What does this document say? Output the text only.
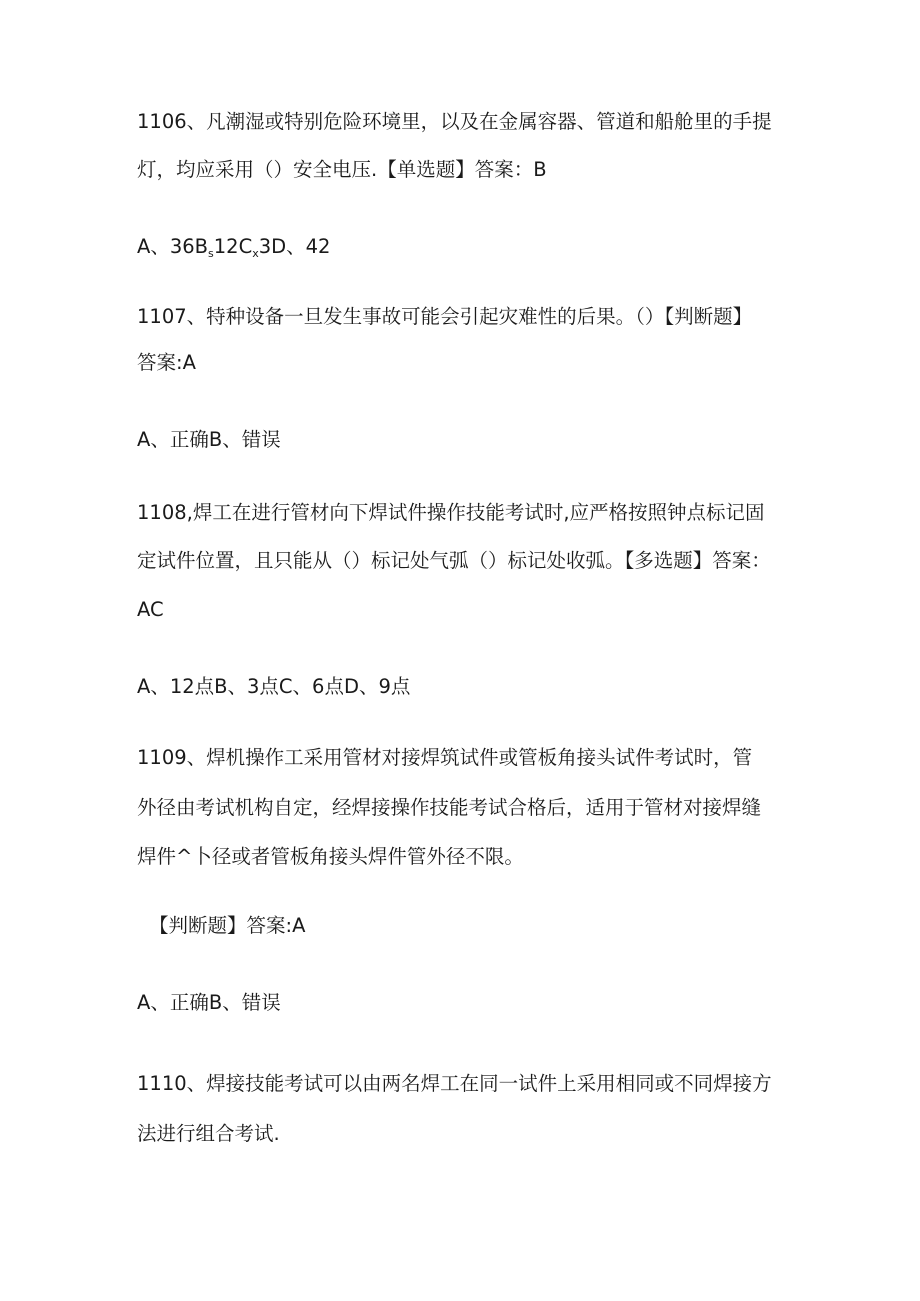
1106、凡潮湿或特别危险环境里，以及在金属容器、管道和船舱里的手提

灯，均应采用（）安全电压.【单选题】答案：B

A、$36B_s12C_x3D$、42

1107、特种设备一旦发生事故可能会引起灾难性的后果。（）【判断题】

答案:A

A、正确B、错误

1108,焊工在进行管材向下焊试件操作技能考试时,应严格按照钟点标记固

定试件位置，且只能从（）标记处气弧（）标记处收弧。【多选题】答案：

AC

A、12点B、3点C、6点D、9点

1109、焊机操作工采用管材对接焊筑试件或管板角接头试件考试时，管

外径由考试机构自定，经焊接操作技能考试合格后，适用于管材对接焊缝

焊件^卜径或者管板角接头焊件管外径不限。

【判断题】答案:A

A、正确B、错误

1110、焊接技能考试可以由两名焊工在同一试件上采用相同或不同焊接方

法进行组合考试.
